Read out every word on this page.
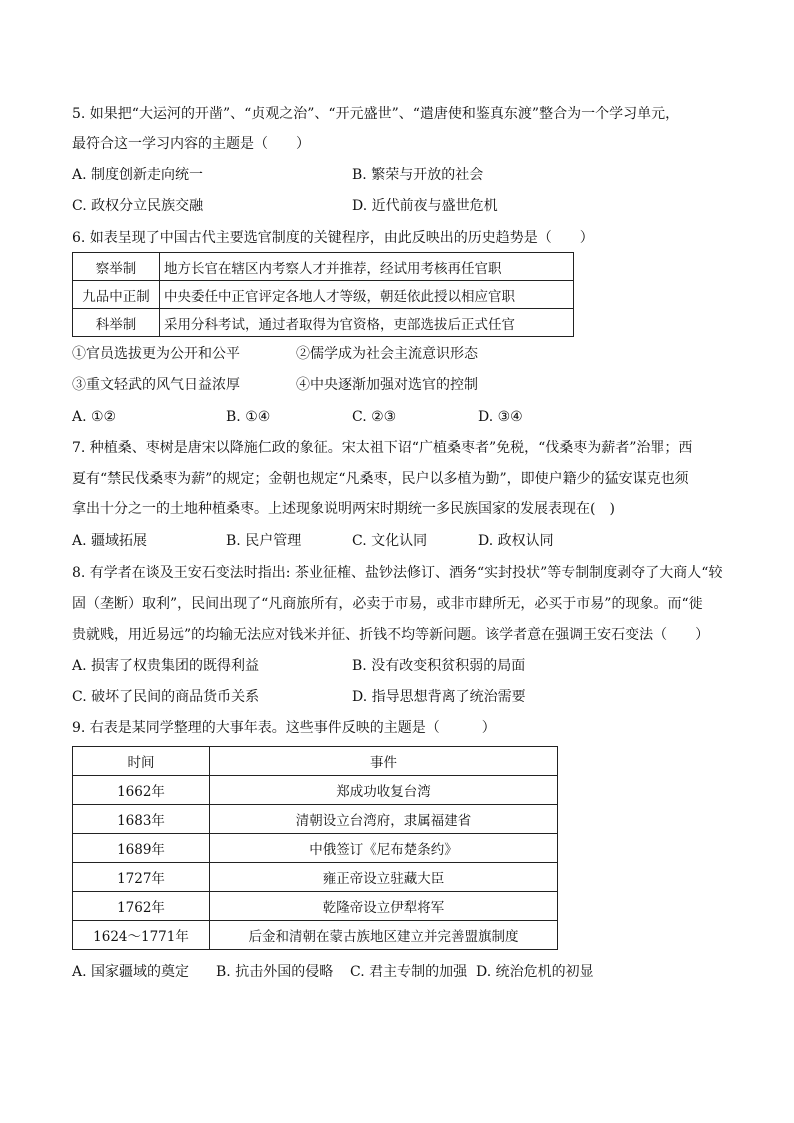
5. 如果把“大运河的开凿”、“贞观之治”、“开元盛世”、“遣唐使和鉴真东渡”整合为一个学习单元，
最符合这一学习内容的主题是（　　）
A. 制度创新走向统一	B. 繁荣与开放的社会
C. 政权分立民族交融	D. 近代前夜与盛世危机
6. 如表呈现了中国古代主要选官制度的关键程序，由此反映出的历史趋势是（　　）
察举制	地方长官在辖区内考察人才并推荐，经试用考核再任官职
九品中正制	中央委任中正官评定各地人才等级，朝廷依此授以相应官职
科举制	采用分科考试，通过者取得为官资格，吏部选拔后正式任官
①官员选拔更为公开和公平	②儒学成为社会主流意识形态
③重文轻武的风气日益浓厚	④中央逐渐加强对选官的控制
A. ①②	B. ①④	C. ②③	D. ③④
7. 种植桑、枣树是唐宋以降施仁政的象征。宋太祖下诏“广植桑枣者”免税，“伐桑枣为薪者”治罪；西
夏有“禁民伐桑枣为薪”的规定；金朝也规定“凡桑枣，民户以多植为勤”，即使户籍少的猛安谋克也须
拿出十分之一的土地种植桑枣。上述现象说明两宋时期统一多民族国家的发展表现在(　)
A. 疆域拓展	B. 民户管理	C. 文化认同	D. 政权认同
8. 有学者在谈及王安石变法时指出: 茶业征榷、盐钞法修订、酒务“实封投状”等专制制度剥夺了大商人“较
固（垄断）取利”，民间出现了“凡商旅所有，必卖于市易，或非市肆所无，必买于市易”的现象。而“徙
贵就贱，用近易远”的均输无法应对钱米并征、折钱不均等新问题。该学者意在强调王安石变法（　　）
A. 损害了权贵集团的既得利益	B. 没有改变积贫积弱的局面
C. 破坏了民间的商品货币关系	D. 指导思想背离了统治需要
9. 右表是某同学整理的大事年表。这些事件反映的主题是（　　　）
时间	事件
1662年	郑成功收复台湾
1683年	清朝设立台湾府，隶属福建省
1689年	中俄签订《尼布楚条约》
1727年	雍正帝设立驻藏大臣
1762年	乾隆帝设立伊犁将军
1624～1771年	后金和清朝在蒙古族地区建立并完善盟旗制度
A. 国家疆域的奠定 B. 抗击外国的侵略 C. 君主专制的加强 D. 统治危机的初显
